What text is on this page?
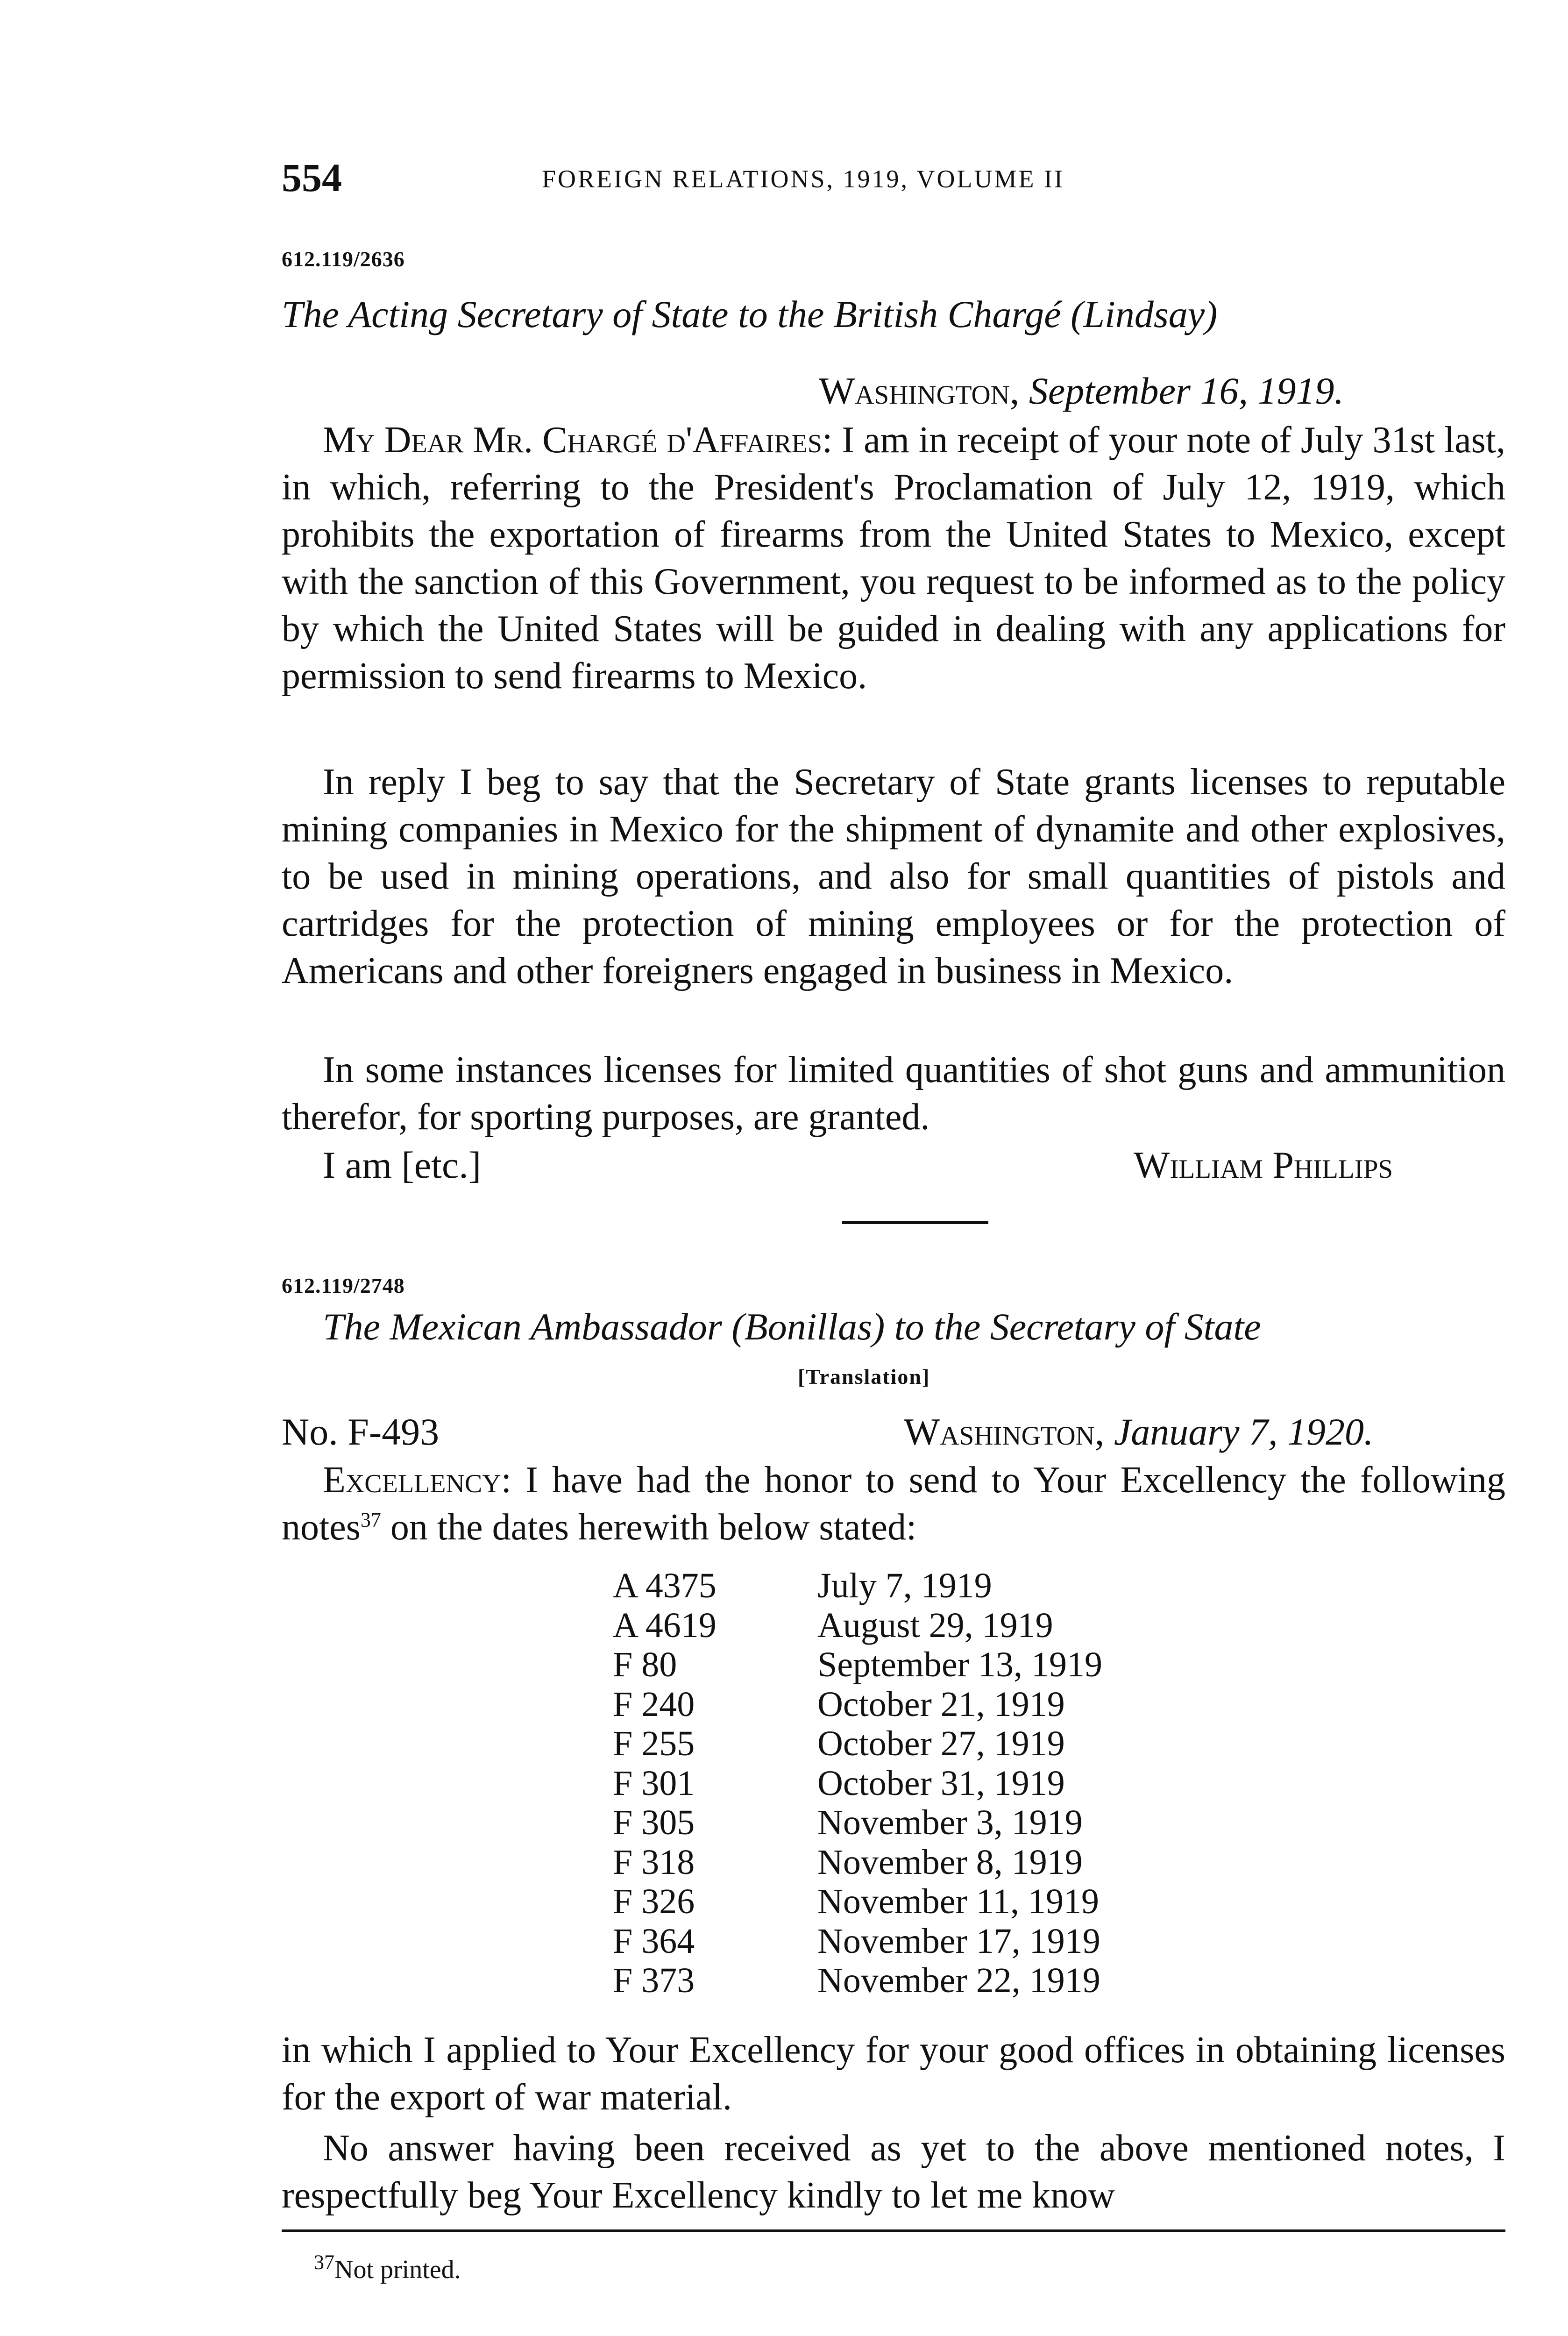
554	FOREIGN RELATIONS, 1919, VOLUME II
612.119/2636
The Acting Secretary of State to the British Chargé (Lindsay)
Washington, September 16, 1919.
My Dear Mr. Chargé d'Affaires: I am in receipt of your note of July 31st last, in which, referring to the President's Proclamation of July 12, 1919, which prohibits the exportation of firearms from the United States to Mexico, except with the sanction of this Government, you request to be informed as to the policy by which the United States will be guided in dealing with any applications for permission to send firearms to Mexico.
In reply I beg to say that the Secretary of State grants licenses to reputable mining companies in Mexico for the shipment of dynamite and other explosives, to be used in mining operations, and also for small quantities of pistols and cartridges for the protection of mining employees or for the protection of Americans and other foreigners engaged in business in Mexico.
In some instances licenses for limited quantities of shot guns and ammunition therefor, for sporting purposes, are granted.
I am [etc.]	William Phillips
612.119/2748
The Mexican Ambassador (Bonillas) to the Secretary of State
[Translation]
No. F-493	Washington, January 7, 1920.
Excellency: I have had the honor to send to Your Excellency the following notes$^{37}$ on the dates herewith below stated:
A 4375	July 7, 1919
A 4619	August 29, 1919
F 80	September 13, 1919
F 240	October 21, 1919
F 255	October 27, 1919
F 301	October 31, 1919
F 305	November 3, 1919
F 318	November 8, 1919
F 326	November 11, 1919
F 364	November 17, 1919
F 373	November 22, 1919
in which I applied to Your Excellency for your good offices in obtaining licenses for the export of war material.
No answer having been received as yet to the above mentioned notes, I respectfully beg Your Excellency kindly to let me know
$^{37}$Not printed.
